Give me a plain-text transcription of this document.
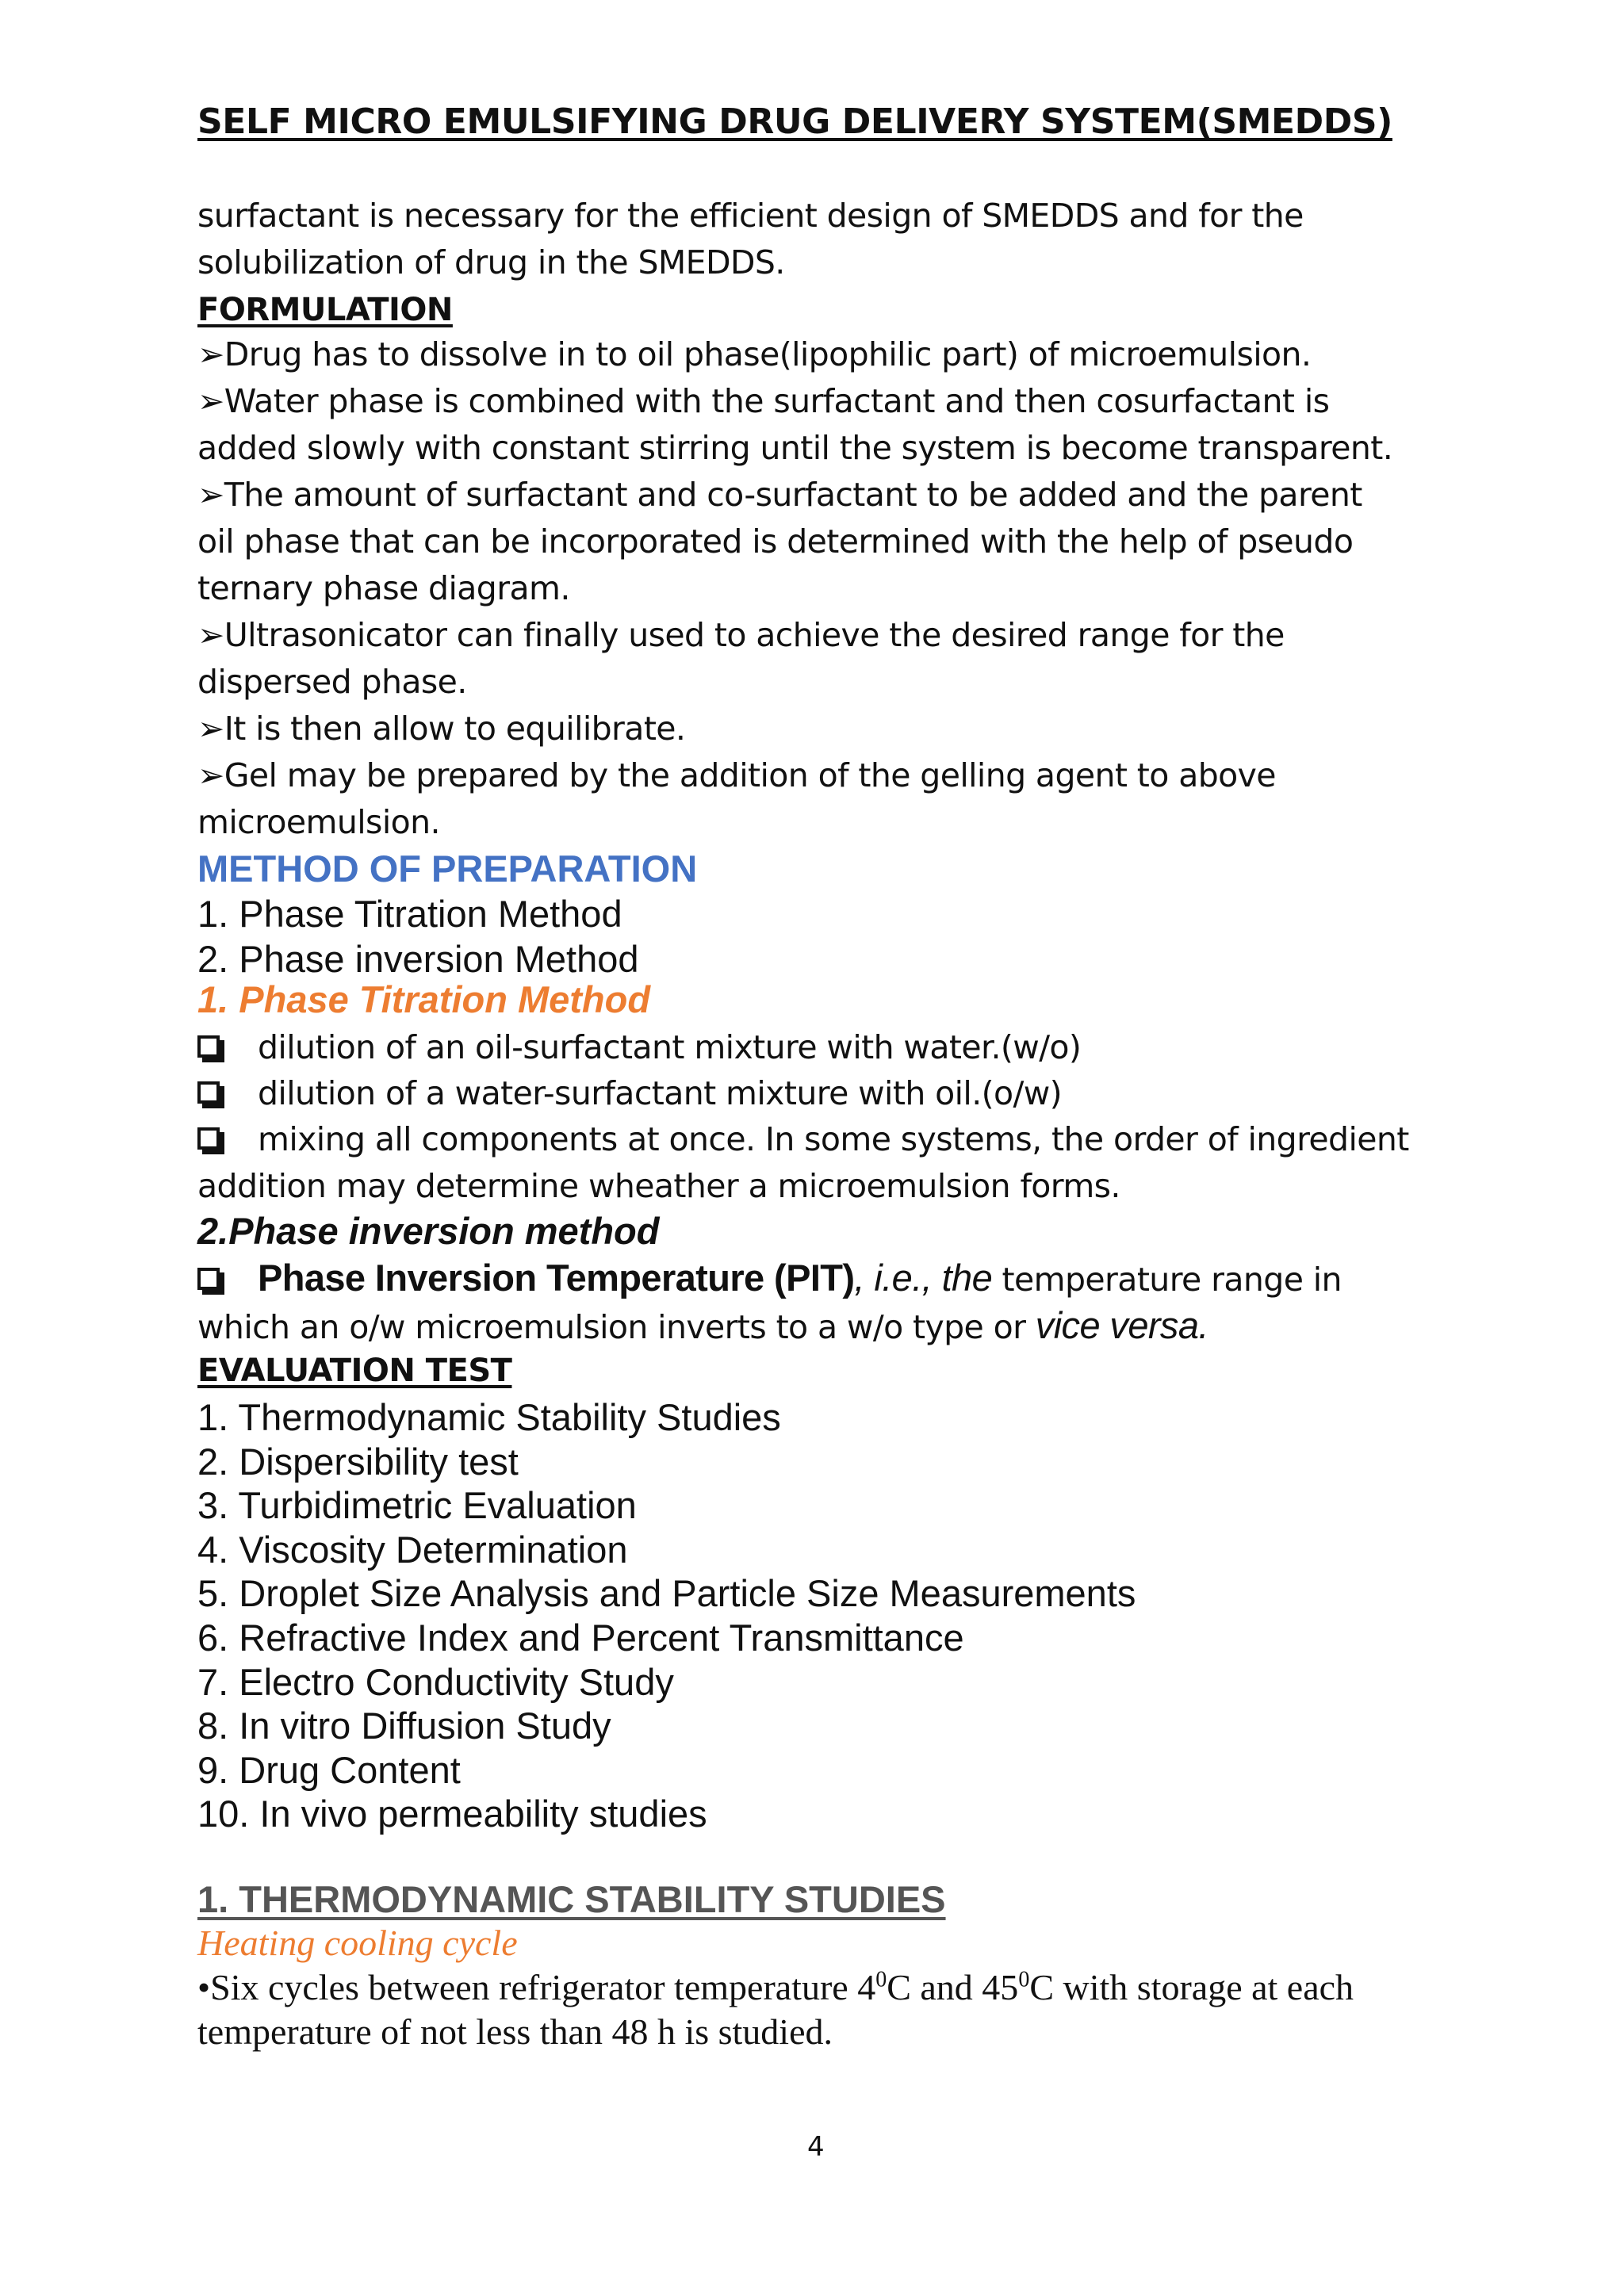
SELF MICRO EMULSIFYING DRUG DELIVERY SYSTEM(SMEDDS)
surfactant is necessary for the efficient design of SMEDDS and for the
solubilization of drug in the SMEDDS.
FORMULATION
➢Drug has to dissolve in to oil phase(lipophilic part) of microemulsion.
➢Water phase is combined with the surfactant and then cosurfactant is
added slowly with constant stirring until the system is become transparent.
➢The amount of surfactant and co-surfactant to be added and the parent
oil phase that can be incorporated is determined with the help of pseudo
ternary phase diagram.
➢Ultrasonicator can finally used to achieve the desired range for the
dispersed phase.
➢It is then allow to equilibrate.
➢Gel may be prepared by the addition of the gelling agent to above
microemulsion.
METHOD OF PREPARATION
1. Phase Titration Method
2. Phase inversion Method
1. Phase Titration Method
dilution of an oil-surfactant mixture with water.(w/o)
dilution of a water-surfactant mixture with oil.(o/w)
mixing all components at once. In some systems, the order of ingredient
addition may determine wheather a microemulsion forms.
2.Phase inversion method
Phase Inversion Temperature (PIT), i.e., the temperature range in
which an o/w microemulsion inverts to a w/o type or vice versa.
EVALUATION TEST
1. Thermodynamic Stability Studies
2. Dispersibility test
3. Turbidimetric Evaluation
4. Viscosity Determination
5. Droplet Size Analysis and Particle Size Measurements
6. Refractive Index and Percent Transmittance
7. Electro Conductivity Study
8. In vitro Diffusion Study
9. Drug Content
10. In vivo permeability studies
1. THERMODYNAMIC STABILITY STUDIES
Heating cooling cycle
•Six cycles between refrigerator temperature $4^0C$ and $45^0C$ with storage at each
temperature of not less than 48 h is studied.
4
